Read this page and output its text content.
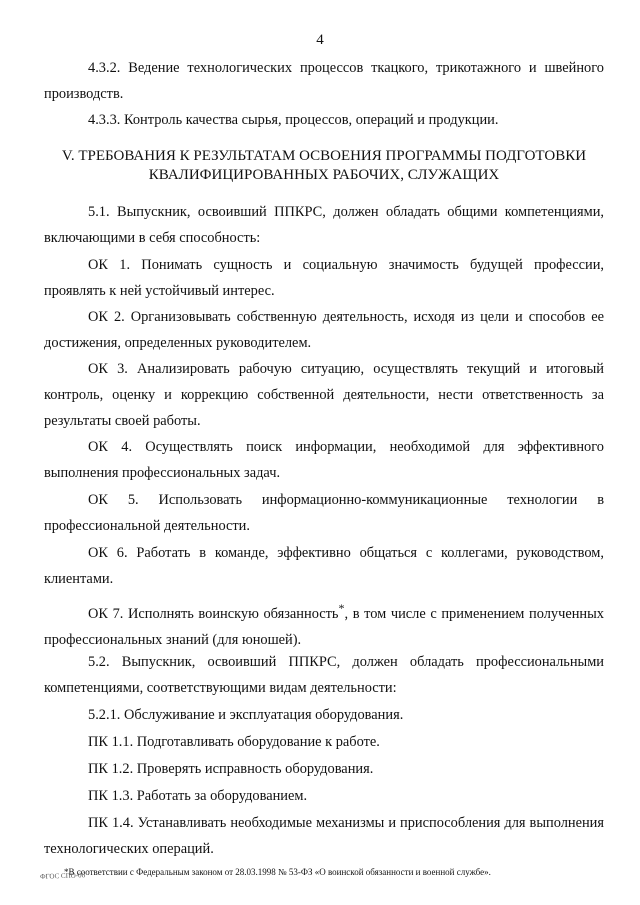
4
4.3.2. Ведение технологических процессов ткацкого, трикотажного и швейного производств.
4.3.3. Контроль качества сырья, процессов, операций и продукции.
V. ТРЕБОВАНИЯ К РЕЗУЛЬТАТАМ ОСВОЕНИЯ ПРОГРАММЫ ПОДГОТОВКИ
КВАЛИФИЦИРОВАННЫХ РАБОЧИХ, СЛУЖАЩИХ
5.1. Выпускник, освоивший ППКРС, должен обладать общими компетенциями, включающими в себя способность:
ОК 1. Понимать сущность и социальную значимость будущей профессии, проявлять к ней устойчивый интерес.
ОК 2. Организовывать собственную деятельность, исходя из цели и способов ее достижения, определенных руководителем.
ОК 3. Анализировать рабочую ситуацию, осуществлять текущий и итоговый контроль, оценку и коррекцию собственной деятельности, нести ответственность за результаты своей работы.
ОК 4. Осуществлять поиск информации, необходимой для эффективного выполнения профессиональных задач.
ОК 5. Использовать информационно-коммуникационные технологии в профессиональной деятельности.
ОК 6. Работать в команде, эффективно общаться с коллегами, руководством, клиентами.
ОК 7. Исполнять воинскую обязанность*, в том числе с применением полученных профессиональных знаний (для юношей).
5.2. Выпускник, освоивший ППКРС, должен обладать профессиональными компетенциями, соответствующими видам деятельности:
5.2.1. Обслуживание и эксплуатация оборудования.
ПК 1.1. Подготавливать оборудование к работе.
ПК 1.2. Проверять исправность оборудования.
ПК 1.3. Работать за оборудованием.
ПК 1.4. Устанавливать необходимые механизмы и приспособления для выполнения технологических операций.
*В соответствии с Федеральным законом от 28.03.1998 № 53-ФЗ «О воинской обязанности и военной службе».
ФГОС СПО-06
